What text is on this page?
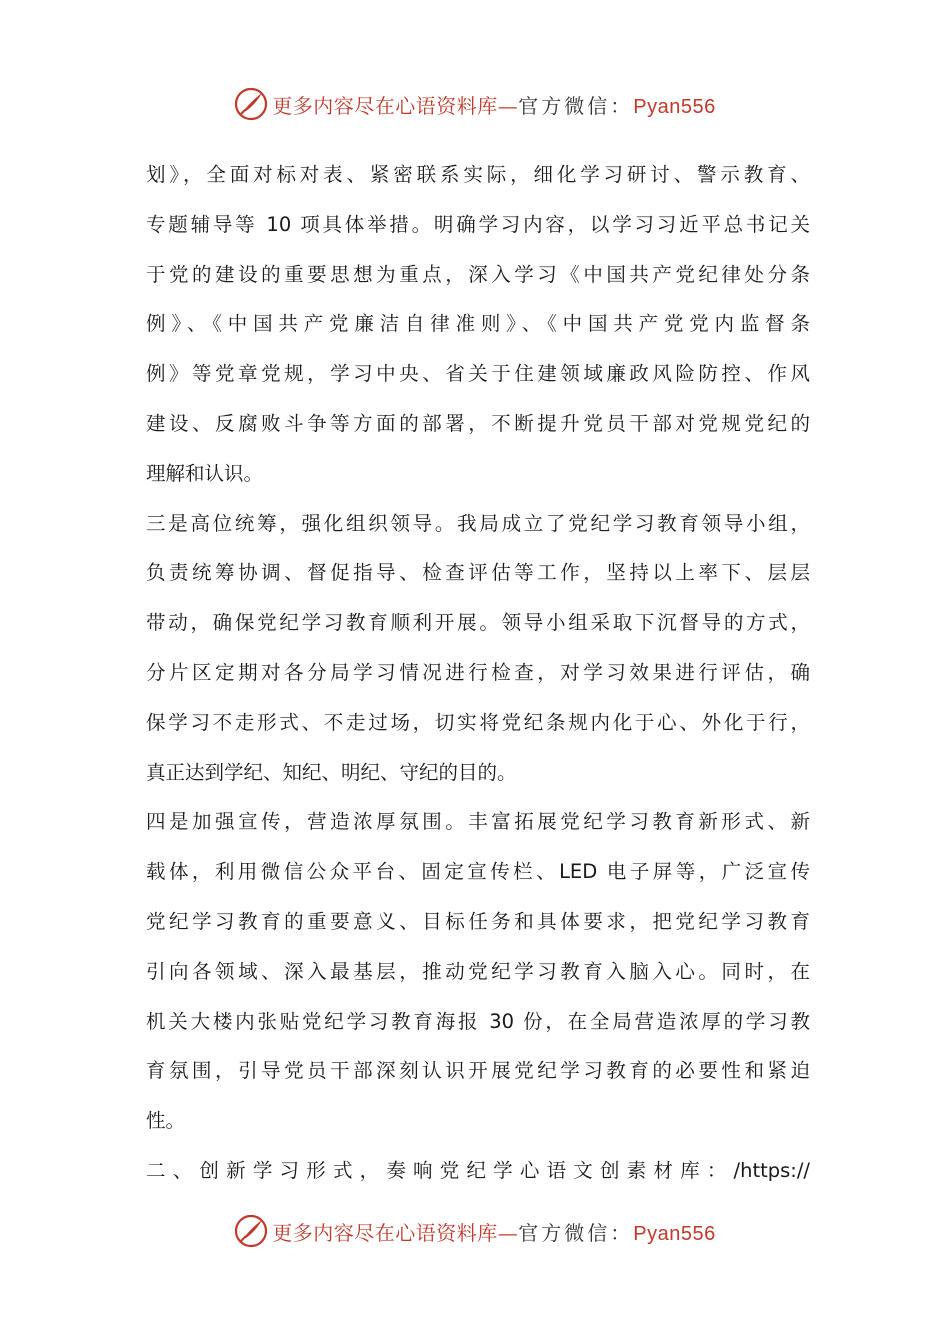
更多内容尽在心语资料库—官方微信：Pyan556
划》，全面对标对表、紧密联系实际，细化学习研讨、警示教育、
专题辅导等 10 项具体举措。明确学习内容，以学习习近平总书记关
于党的建设的重要思想为重点，深入学习《中国共产党纪律处分条
例》、《中国共产党廉洁自律准则》、《中国共产党党内监督条
例》等党章党规，学习中央、省关于住建领域廉政风险防控、作风
建设、反腐败斗争等方面的部署，不断提升党员干部对党规党纪的
理解和认识。
三是高位统筹，强化组织领导。我局成立了党纪学习教育领导小组，
负责统筹协调、督促指导、检查评估等工作，坚持以上率下、层层
带动，确保党纪学习教育顺利开展。领导小组采取下沉督导的方式，
分片区定期对各分局学习情况进行检查，对学习效果进行评估，确
保学习不走形式、不走过场，切实将党纪条规内化于心、外化于行，
真正达到学纪、知纪、明纪、守纪的目的。
四是加强宣传，营造浓厚氛围。丰富拓展党纪学习教育新形式、新
载体，利用微信公众平台、固定宣传栏、LED 电子屏等，广泛宣传
党纪学习教育的重要意义、目标任务和具体要求，把党纪学习教育
引向各领域、深入最基层，推动党纪学习教育入脑入心。同时，在
机关大楼内张贴党纪学习教育海报 30 份，在全局营造浓厚的学习教
育氛围，引导党员干部深刻认识开展党纪学习教育的必要性和紧迫
性。
二、创新学习形式，奏响党纪学心语文创素材库：/https://
更多内容尽在心语资料库—官方微信：Pyan556
